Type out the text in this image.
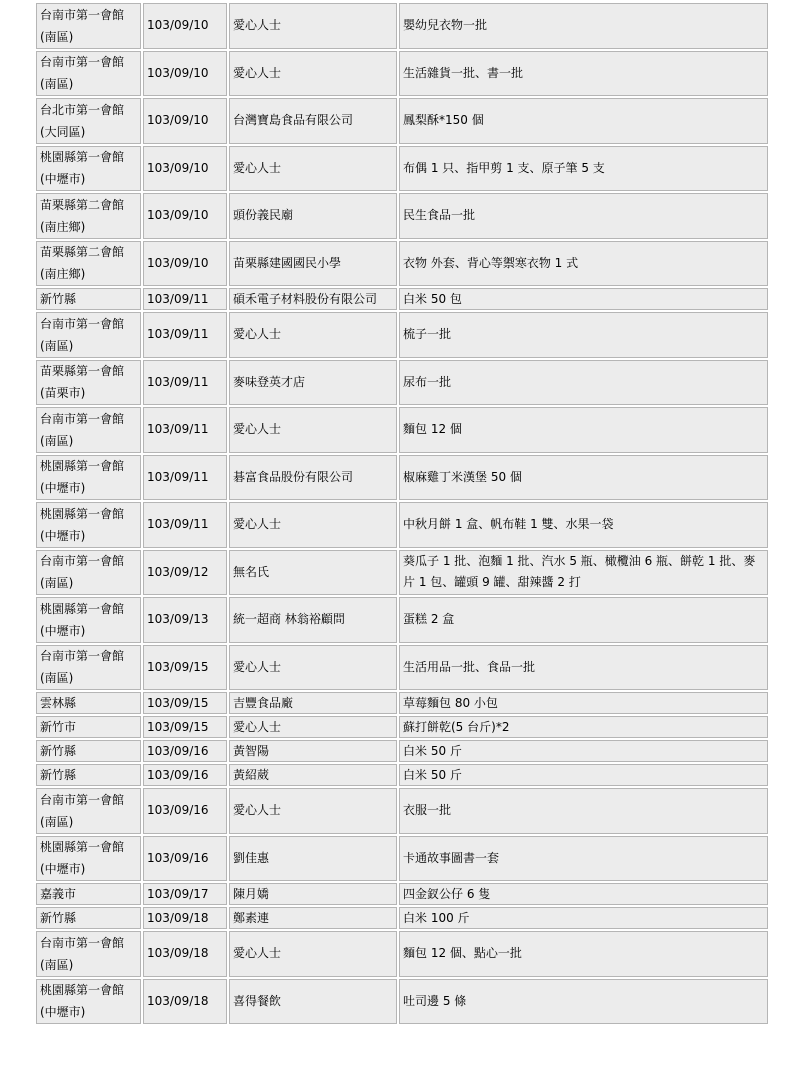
台南市第一會館(南區)	103/09/10	愛心人士	嬰幼兒衣物一批
台南市第一會館(南區)	103/09/10	愛心人士	生活雜貨一批、書一批
台北市第一會館(大同區)	103/09/10	台灣寶島食品有限公司	鳳梨酥*150 個
桃園縣第一會館(中壢市)	103/09/10	愛心人士	布偶 1 只、指甲剪 1 支、原子筆 5 支
苗栗縣第二會館(南庄鄉)	103/09/10	頭份義民廟	民生食品一批
苗栗縣第二會館(南庄鄉)	103/09/10	苗栗縣建國國民小學	衣物 外套、背心等禦寒衣物 1 式
新竹縣	103/09/11	碩禾電子材料股份有限公司	白米 50 包
台南市第一會館(南區)	103/09/11	愛心人士	梳子一批
苗栗縣第一會館(苗栗市)	103/09/11	麥味登英才店	尿布一批
台南市第一會館(南區)	103/09/11	愛心人士	麵包 12 個
桃園縣第一會館(中壢市)	103/09/11	碁富食品股份有限公司	椒麻雞丁米漢堡 50 個
桃園縣第一會館(中壢市)	103/09/11	愛心人士	中秋月餅 1 盒、帆布鞋 1 雙、水果一袋
台南市第一會館(南區)	103/09/12	無名氏	葵瓜子 1 批、泡麵 1 批、汽水 5 瓶、橄欖油 6 瓶、餅乾 1 批、麥片 1 包、罐頭 9 罐、甜辣醬 2 打
桃園縣第一會館(中壢市)	103/09/13	統一超商 林翁裕顧問	蛋糕 2 盒
台南市第一會館(南區)	103/09/15	愛心人士	生活用品一批、食品一批
雲林縣	103/09/15	吉豐食品廠	草莓麵包 80 小包
新竹市	103/09/15	愛心人士	蘇打餅乾(5 台斤)*2
新竹縣	103/09/16	黃智陽	白米 50 斤
新竹縣	103/09/16	黃紹葳	白米 50 斤
台南市第一會館(南區)	103/09/16	愛心人士	衣服一批
桃園縣第一會館(中壢市)	103/09/16	劉佳惠	卡通故事圖書一套
嘉義市	103/09/17	陳月嬌	四金釵公仔 6 隻
新竹縣	103/09/18	鄭素連	白米 100 斤
台南市第一會館(南區)	103/09/18	愛心人士	麵包 12 個、點心一批
桃園縣第一會館(中壢市)	103/09/18	喜得餐飲	吐司邊 5 條
